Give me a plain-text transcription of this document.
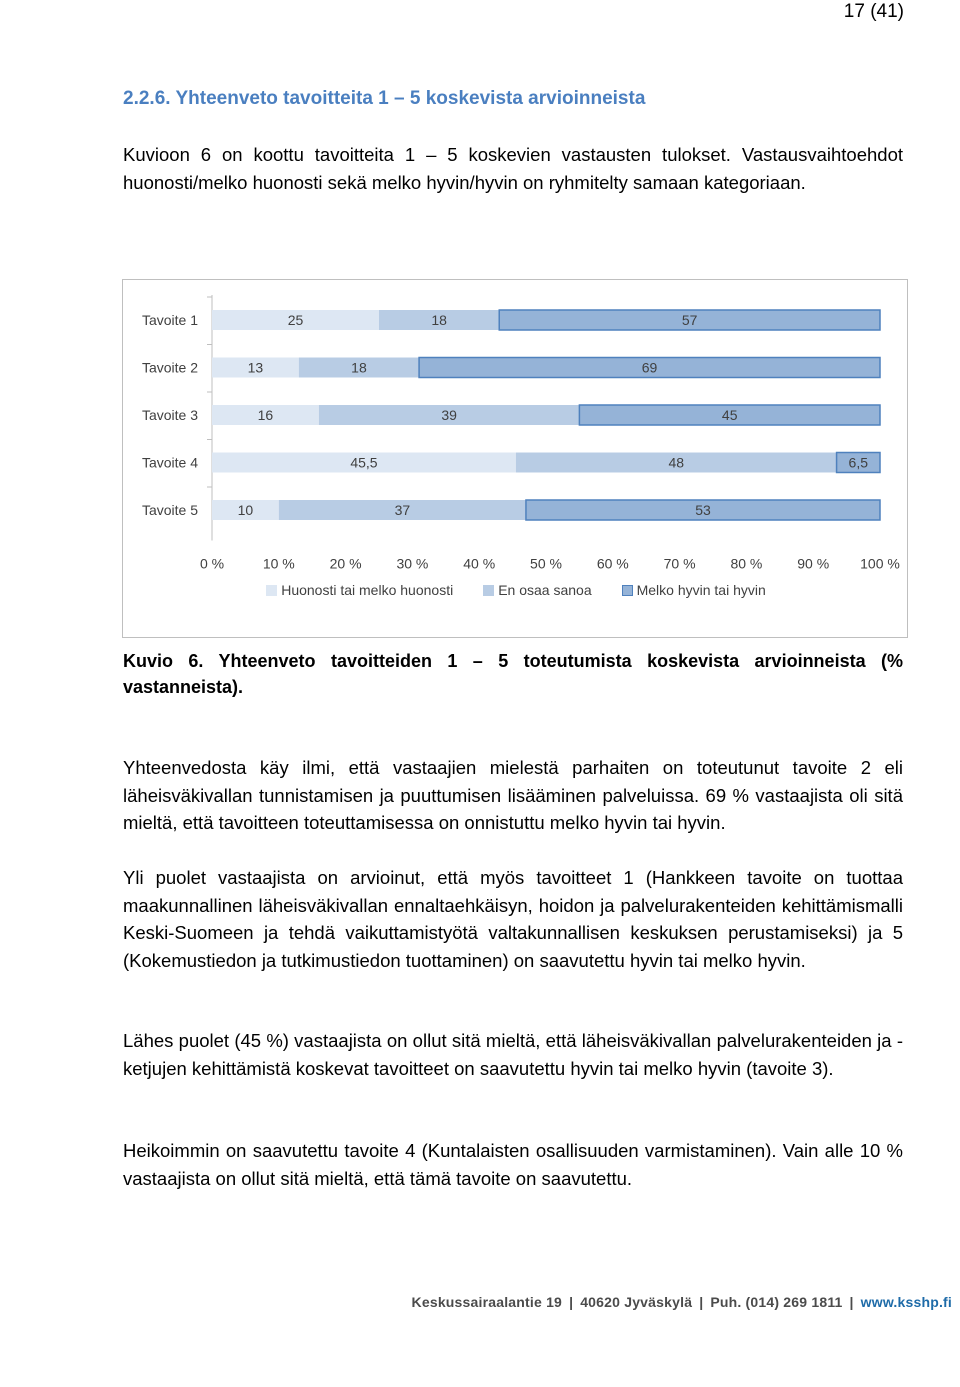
17 (41)
2.2.6. Yhteenveto tavoitteita 1 – 5 koskevista arvioinneista

Kuvioon 6 on koottu tavoitteita 1 – 5 koskevien vastausten tulokset. Vastausvaihtoehdot huonosti/melko huonosti sekä melko hyvin/hyvin on ryhmitelty samaan kategoriaan.

Tavoite 1	25	18	57
Tavoite 2	13	18	69
Tavoite 3	16	39	45
Tavoite 4	45,5	48	6,5
Tavoite 5	10	37	53
0 %	10 % 20 % 30 % 40 % 50 % 60 % 70 % 80 % 90 % 100 %
Huonosti tai melko huonosti	En osaa sanoa	Melko hyvin tai hyvin

Kuvio 6. Yhteenveto tavoitteiden 1 – 5 toteutumista koskevista arvioinneista (% vastanneista).

Yhteenvedosta käy ilmi, että vastaajien mielestä parhaiten on toteutunut tavoite 2 eli läheisväkivallan tunnistamisen ja puuttumisen lisääminen palveluissa. 69 % vastaajista oli sitä mieltä, että tavoitteen toteuttamisessa on onnistuttu melko hyvin tai hyvin.

Yli puolet vastaajista on arvioinut, että myös tavoitteet 1 (Hankkeen tavoite on tuottaa maakunnallinen läheisväkivallan ennaltaehkäisyn, hoidon ja palvelurakenteiden kehittämismalli Keski-Suomeen ja tehdä vaikuttamistyötä valtakunnallisen keskuksen perustamiseksi) ja 5 (Kokemustiedon ja tutkimustiedon tuottaminen) on saavutettu hyvin tai melko hyvin.

Lähes puolet (45 %) vastaajista on ollut sitä mieltä, että läheisväkivallan palvelurakenteiden ja -ketjujen kehittämistä koskevat tavoitteet on saavutettu hyvin tai melko hyvin (tavoite 3).

Heikoimmin on saavutettu tavoite 4 (Kuntalaisten osallisuuden varmistaminen). Vain alle 10 % vastaajista on ollut sitä mieltä, että tämä tavoite on saavutettu.

Keskussairaalantie 19 | 40620 Jyväskylä | Puh. (014) 269 1811 | www.ksshp.fi
